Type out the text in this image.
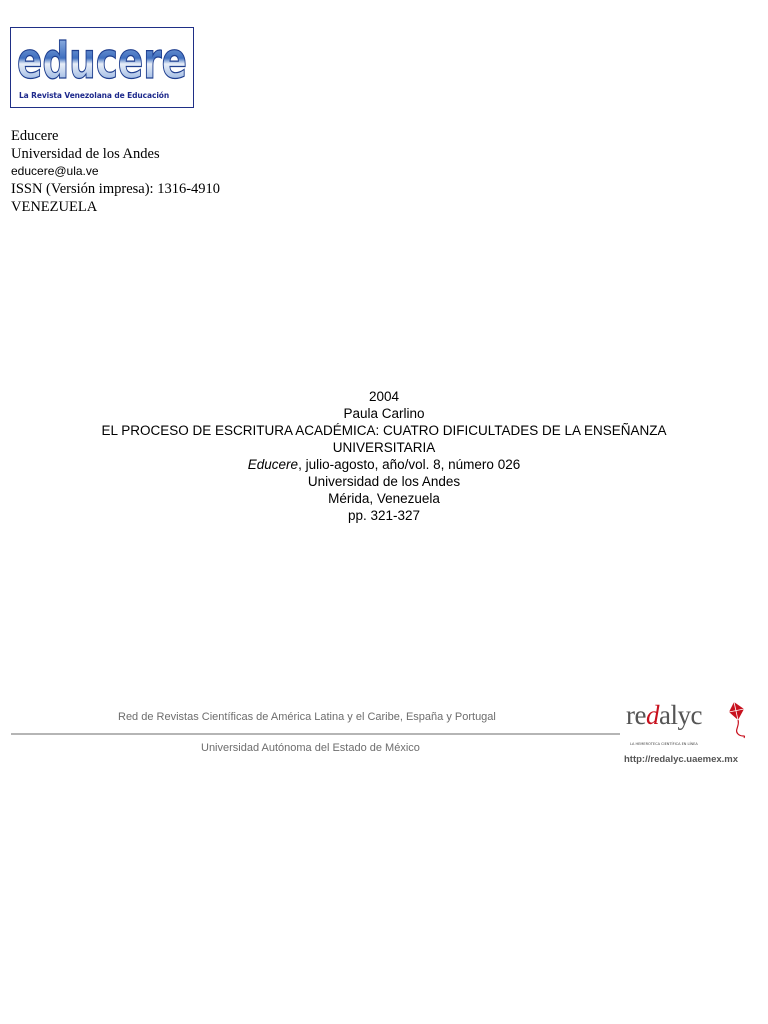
educere
La Revista Venezolana de Educación
Educere
Universidad de los Andes
educere@ula.ve
ISSN (Versión impresa): 1316-4910
VENEZUELA
2004
Paula Carlino
EL PROCESO DE ESCRITURA ACADÉMICA: CUATRO DIFICULTADES DE LA ENSEÑANZA UNIVERSITARIA
Educere, julio-agosto, año/vol. 8, número 026
Universidad de los Andes
Mérida, Venezuela
pp. 321-327
Red de Revistas Científicas de América Latina y el Caribe, España y Portugal
Universidad Autónoma del Estado de México
redalyc
LA HEMEROTECA CIENTÍFICA EN LÍNEA
http://redalyc.uaemex.mx
